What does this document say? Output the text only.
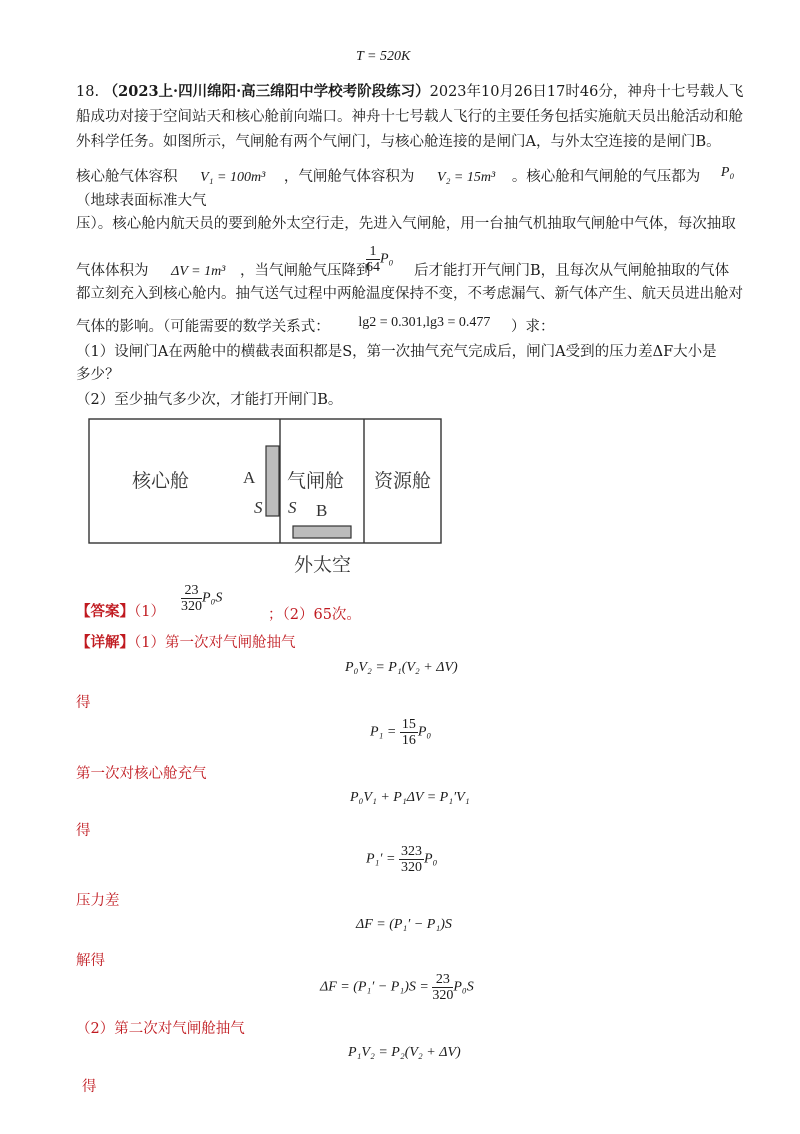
T = 520K
18. （2023上·四川绵阳·高三绵阳中学校考阶段练习）2023年10月26日17时46分，神舟十七号载人飞
船成功对接于空间站天和核心舱前向端口。神舟十七号载人飞行的主要任务包括实施航天员出舱活动和舱
外科学任务。如图所示，气闸舱有两个气闸门，与核心舱连接的是闸门A，与外太空连接的是闸门B。
核心舱气体容积 V₁ = 100m³ ，气闸舱气体容积为 V₂ = 15m³ 。核心舱和气闸舱的气压都为 P₀
（地球表面标准大气
压）。核心舱内航天员的要到舱外太空行走，先进入气闸舱，用一台抽气机抽取气闸舱中气体，每次抽取
气体体积为 ΔV = 1m³ ，当气闸舱气压降到
$\frac{1}{64} P_0$
后才能打开气闸门B，且每次从气闸舱抽取的气体
都立刻充入到核心舱内。抽气送气过程中两舱温度保持不变，不考虑漏气、新气体产生、航天员进出舱对
气体的影响。（可能需要的数学关系式： lg2 = 0.301,lg3 = 0.477 ）求：
（1）设闸门A在两舱中的横截表面积都是S，第一次抽气充气完成后，闸门A受到的压力差ΔF大小是
多少？
（2）至少抽气多少次，才能打开闸门B。
核心舱	A
S
气闸舱
S B
资源舱
外太空
【答案】$(1) \frac{23}{320} P_0S$
；（2）65次。
【详解】（1）第一次对气闸舱抽气
P₀V₂ = P₁(V₂ + ΔV)
得
$P_1 = \frac{15}{16} P_0$
第一次对核心舱充气
P₀V₁ + P₁ΔV = P₁′V₁
得
$P_1' = \frac{323}{320} P_0$
压力差
ΔF = (P₁′ − P₁)S
解得
$\Delta F = (P_1' - P_1)S = \frac{23}{320} P_0S$
（2）第二次对气闸舱抽气
P₁V₂ = P₂(V₂ + ΔV)
得
